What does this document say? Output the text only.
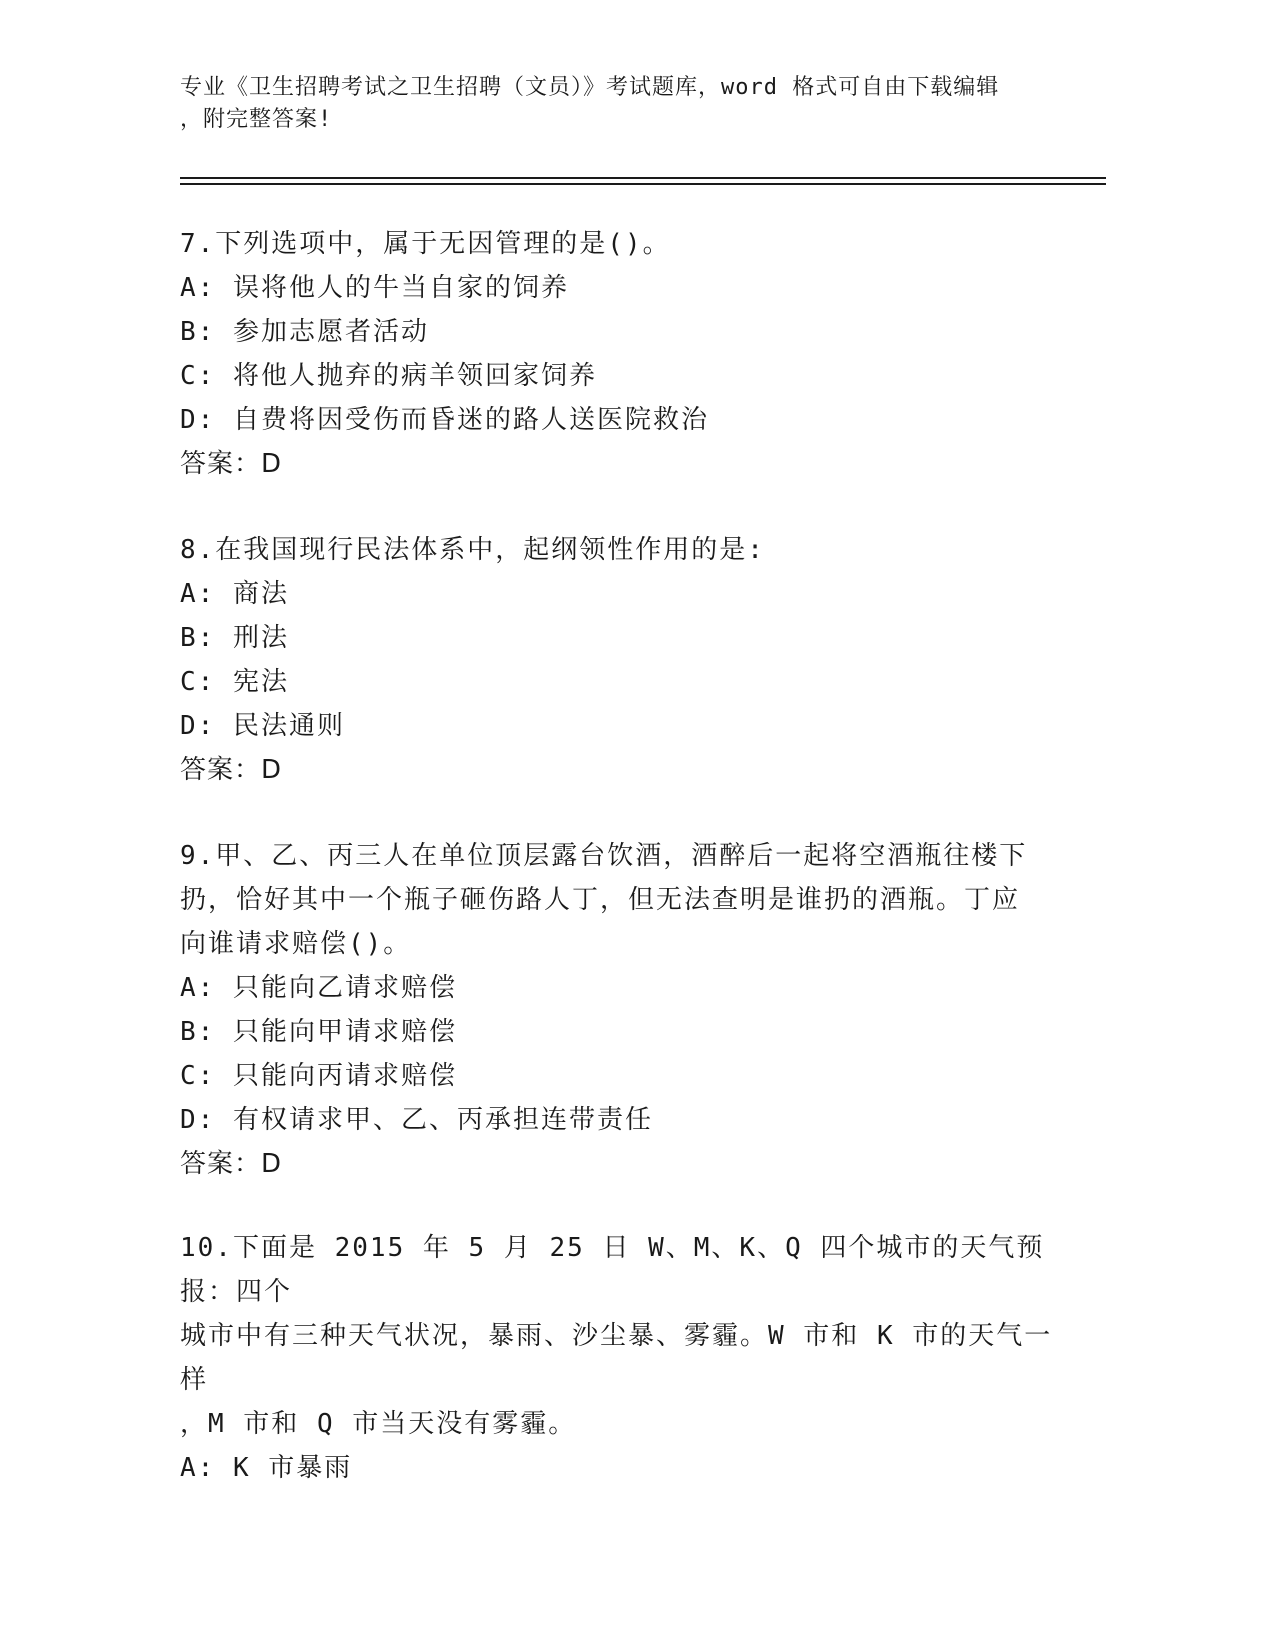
专业《卫生招聘考试之卫生招聘（文员）》考试题库，word 格式可自由下载编辑
，附完整答案!

7.下列选项中，属于无因管理的是()。

A: 误将他人的牛当自家的饲养

B: 参加志愿者活动

C: 将他人抛弃的病羊领回家饲养

D: 自费将因受伤而昏迷的路人送医院救治

答案：D

8.在我国现行民法体系中，起纲领性作用的是:

A: 商法

B: 刑法

C: 宪法

D: 民法通则

答案：D

9.甲、乙、丙三人在单位顶层露台饮酒，酒醉后一起将空酒瓶往楼下

扔，恰好其中一个瓶子砸伤路人丁，但无法查明是谁扔的酒瓶。丁应

向谁请求赔偿()。

A: 只能向乙请求赔偿

B: 只能向甲请求赔偿

C: 只能向丙请求赔偿

D: 有权请求甲、乙、丙承担连带责任

答案：D

10.下面是 2015 年 5 月 25 日 W、M、K、Q 四个城市的天气预报：四个

城市中有三种天气状况，暴雨、沙尘暴、雾霾。W 市和 K 市的天气一样

，M 市和 Q 市当天没有雾霾。

A: K 市暴雨
